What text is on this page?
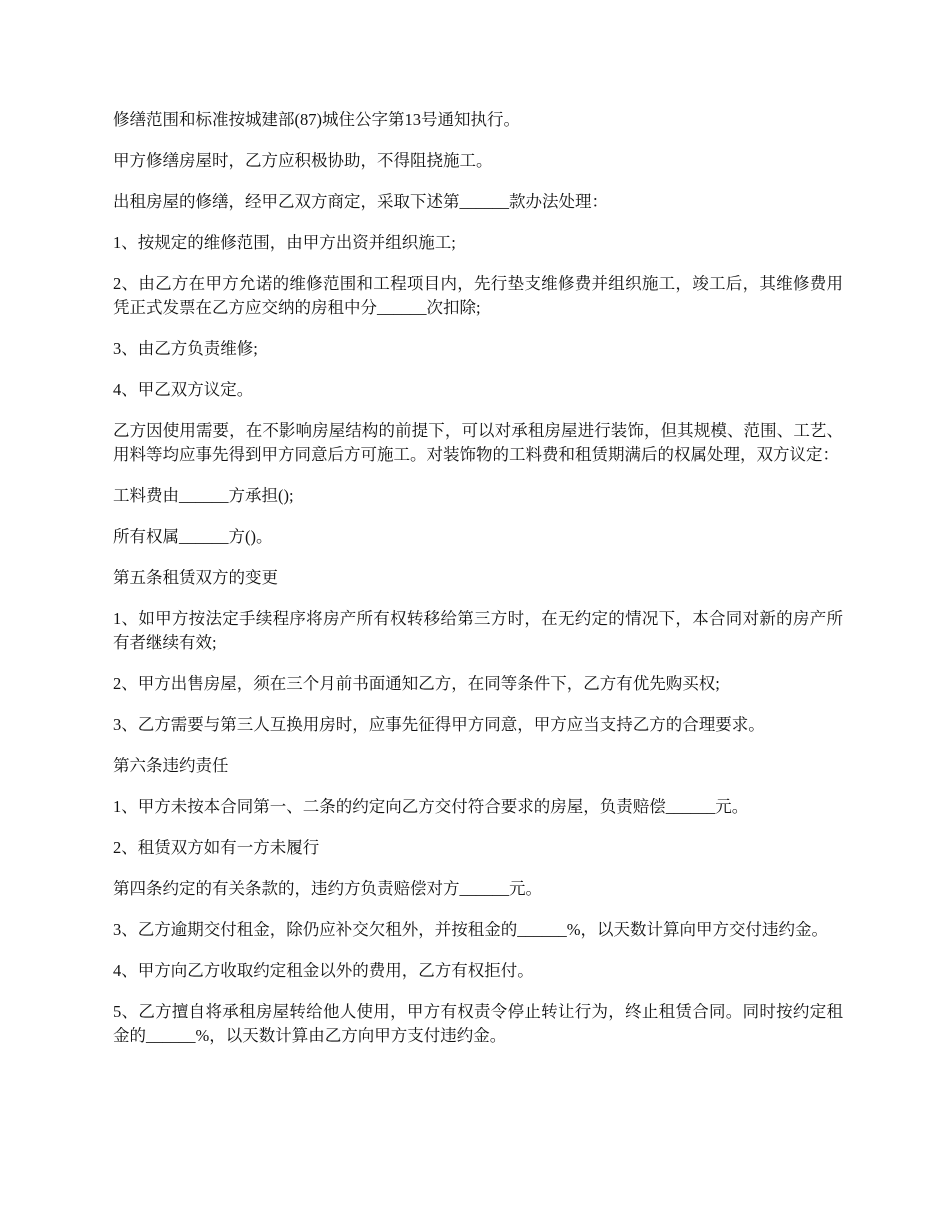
修缮范围和标准按城建部(87)城住公字第13号通知执行。

甲方修缮房屋时，乙方应积极协助，不得阻挠施工。

出租房屋的修缮，经甲乙双方商定，采取下述第______款办法处理：

1、按规定的维修范围，由甲方出资并组织施工;

2、由乙方在甲方允诺的维修范围和工程项目内，先行垫支维修费并组织施工，竣工后，其维修费用凭正式发票在乙方应交纳的房租中分______次扣除;

3、由乙方负责维修;

4、甲乙双方议定。

乙方因使用需要，在不影响房屋结构的前提下，可以对承租房屋进行装饰，但其规模、范围、工艺、用料等均应事先得到甲方同意后方可施工。对装饰物的工料费和租赁期满后的权属处理，双方议定：

工料费由______方承担();

所有权属______方()。

第五条租赁双方的变更

1、如甲方按法定手续程序将房产所有权转移给第三方时，在无约定的情况下，本合同对新的房产所有者继续有效;

2、甲方出售房屋，须在三个月前书面通知乙方，在同等条件下，乙方有优先购买权;

3、乙方需要与第三人互换用房时，应事先征得甲方同意，甲方应当支持乙方的合理要求。

第六条违约责任

1、甲方未按本合同第一、二条的约定向乙方交付符合要求的房屋，负责赔偿______元。

2、租赁双方如有一方未履行

第四条约定的有关条款的，违约方负责赔偿对方______元。

3、乙方逾期交付租金，除仍应补交欠租外，并按租金的______%，以天数计算向甲方交付违约金。

4、甲方向乙方收取约定租金以外的费用，乙方有权拒付。

5、乙方擅自将承租房屋转给他人使用，甲方有权责令停止转让行为，终止租赁合同。同时按约定租金的______%，以天数计算由乙方向甲方支付违约金。
